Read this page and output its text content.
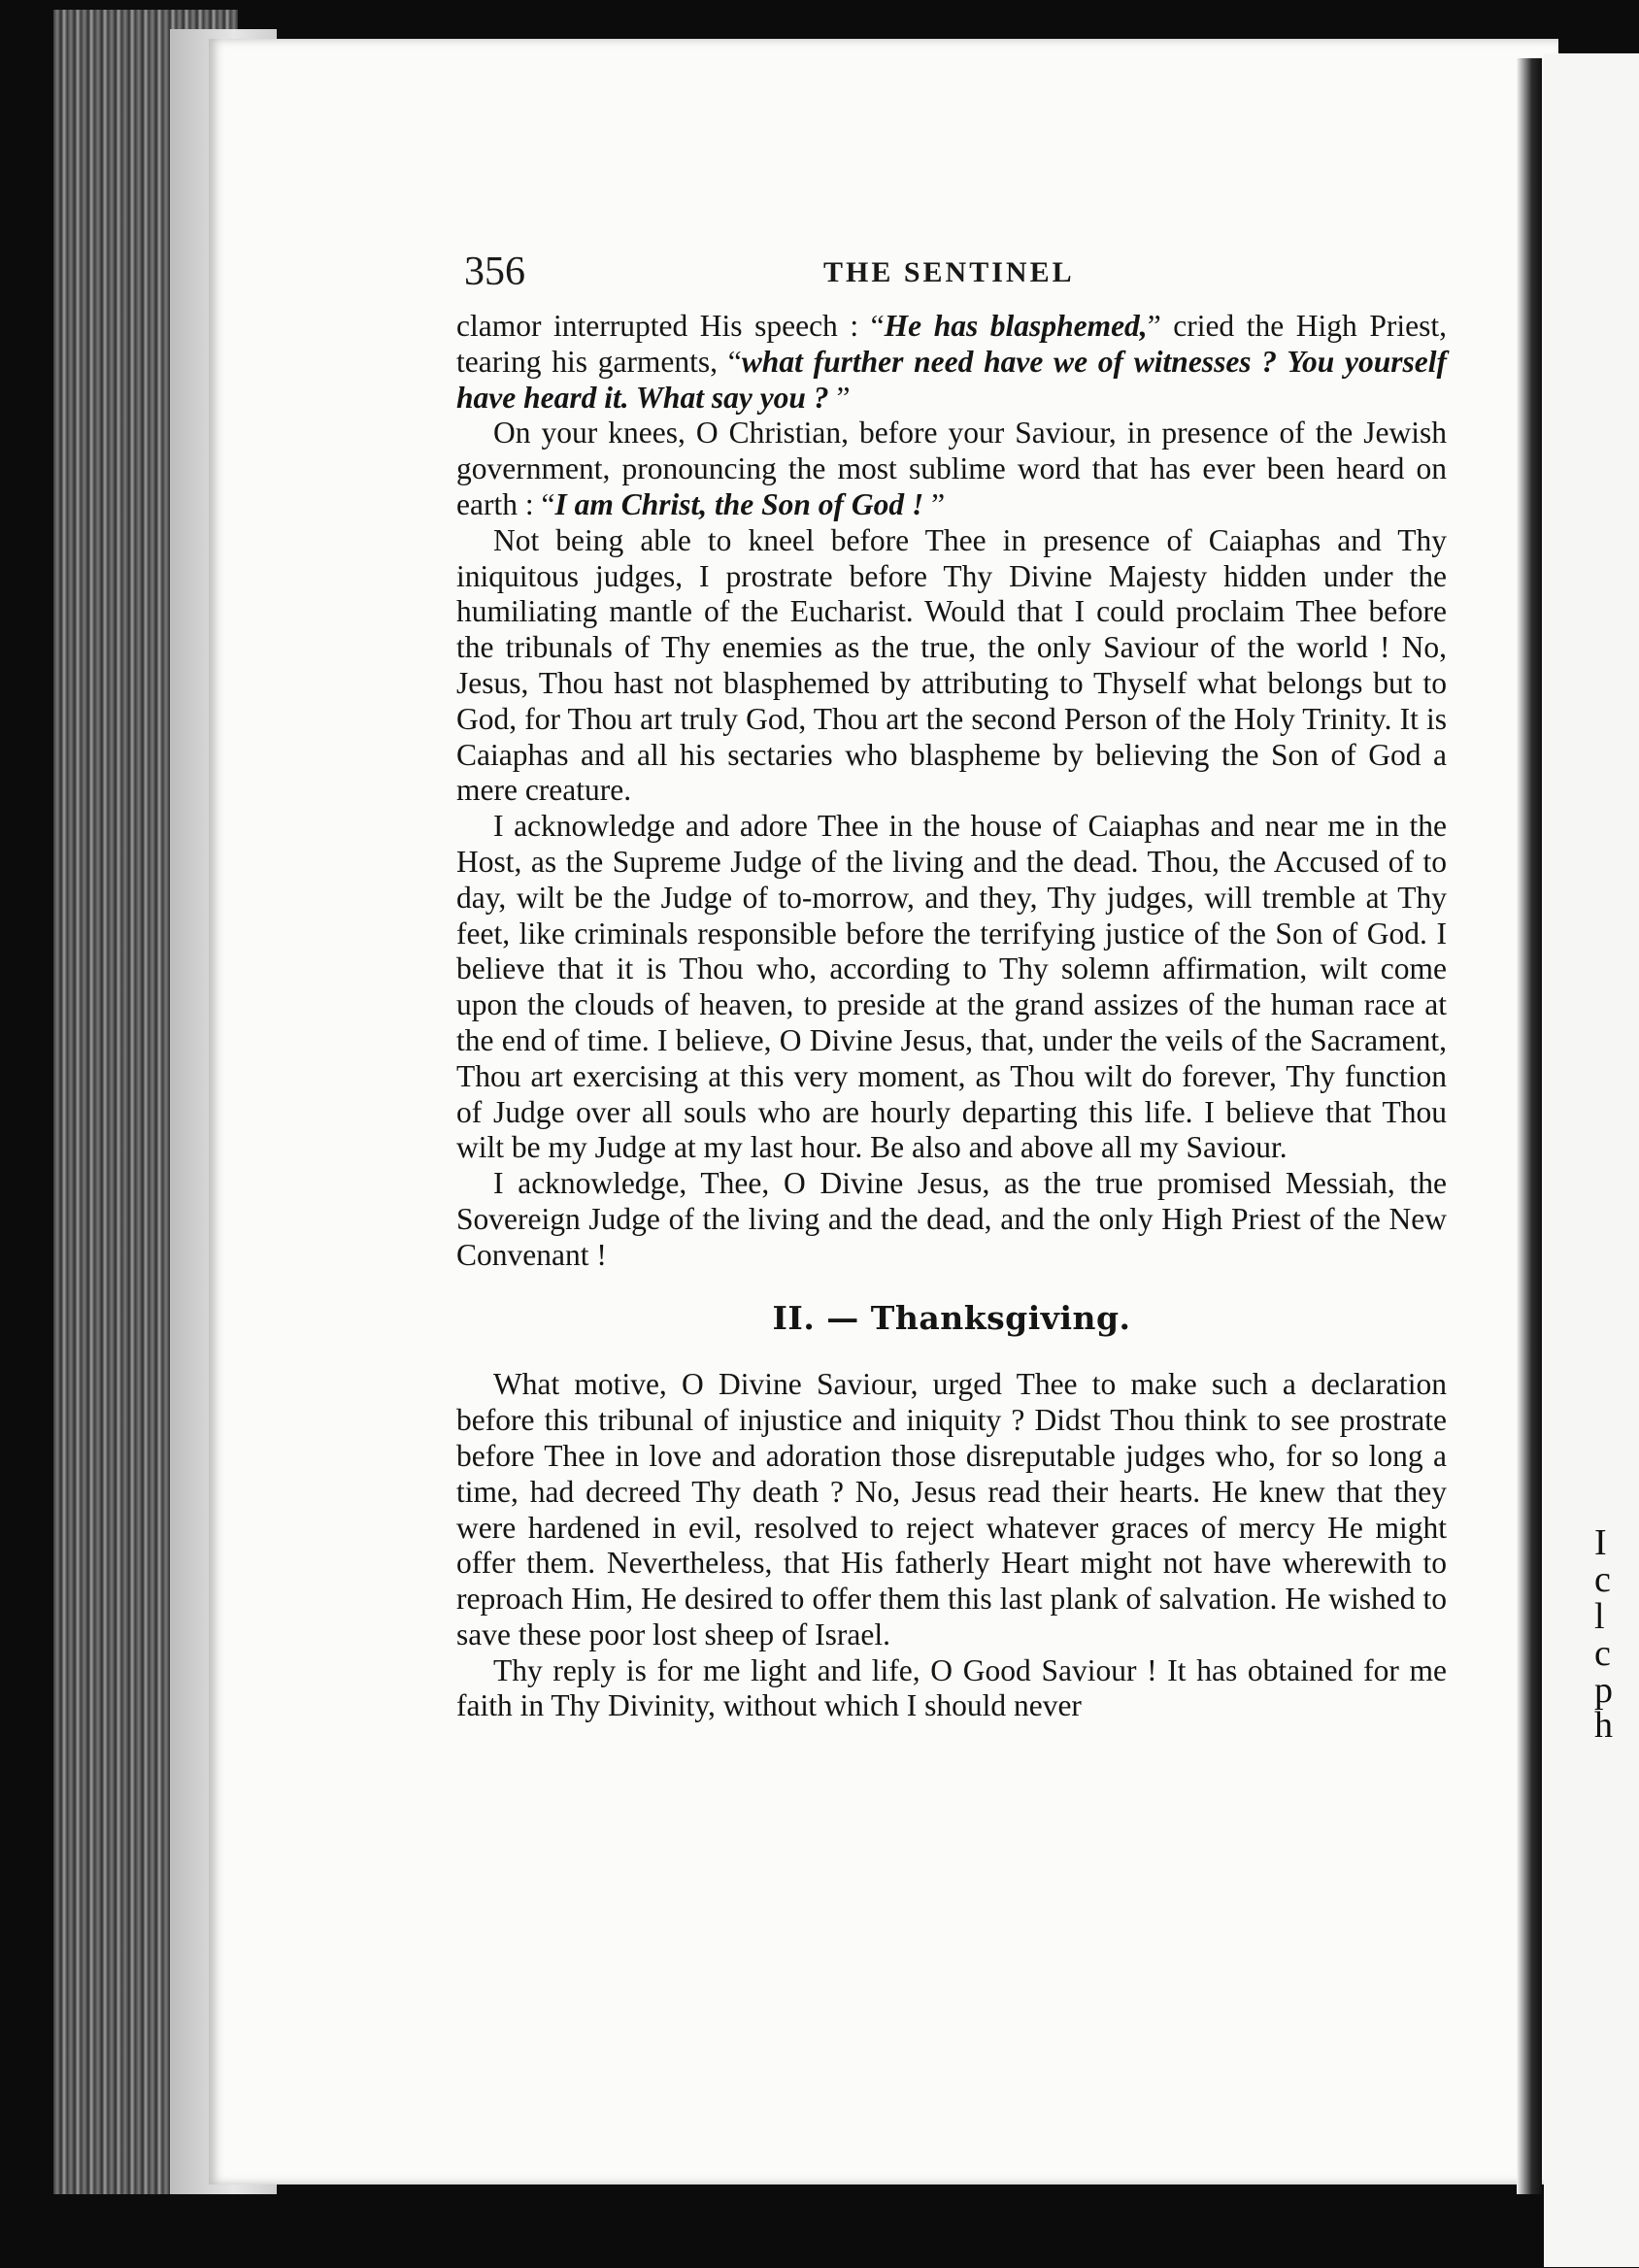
I
c
l
c
p
h
356	THE SENTINEL

clamor interrupted His speech : “He has blasphemed,” cried the High Priest, tearing his garments, “what further need have we of witnesses ? You yourself have heard it. What say you ? ”

On your knees, O Christian, before your Saviour, in presence of the Jewish government, pronouncing the most sublime word that has ever been heard on earth : “I am Christ, the Son of God ! ”

Not being able to kneel before Thee in presence of Caiaphas and Thy iniquitous judges, I prostrate before Thy Divine Majesty hidden under the humiliating mantle of the Eucharist. Would that I could proclaim Thee before the tribunals of Thy enemies as the true, the only Saviour of the world ! No, Jesus, Thou hast not blasphemed by attributing to Thyself what belongs but to God, for Thou art truly God, Thou art the second Person of the Holy Trinity. It is Caiaphas and all his sectaries who blaspheme by believing the Son of God a mere creature.

I acknowledge and adore Thee in the house of Caiaphas and near me in the Host, as the Supreme Judge of the living and the dead. Thou, the Accused of to day, wilt be the Judge of to-morrow, and they, Thy judges, will tremble at Thy feet, like criminals responsible before the terrifying justice of the Son of God. I believe that it is Thou who, according to Thy solemn affirmation, wilt come upon the clouds of heaven, to preside at the grand assizes of the human race at the end of time. I believe, O Divine Jesus, that, under the veils of the Sacrament, Thou art exercising at this very moment, as Thou wilt do forever, Thy function of Judge over all souls who are hourly departing this life. I believe that Thou wilt be my Judge at my last hour. Be also and above all my Saviour.

I acknowledge, Thee, O Divine Jesus, as the true promised Messiah, the Sovereign Judge of the living and the dead, and the only High Priest of the New Convenant !

II. — Thanksgiving.

What motive, O Divine Saviour, urged Thee to make such a declaration before this tribunal of injustice and iniquity ? Didst Thou think to see prostrate before Thee in love and adoration those disreputable judges who, for so long a time, had decreed Thy death ? No, Jesus read their hearts. He knew that they were hardened in evil, resolved to reject whatever graces of mercy He might offer them. Nevertheless, that His fatherly Heart might not have wherewith to reproach Him, He desired to offer them this last plank of salvation. He wished to save these poor lost sheep of Israel.

Thy reply is for me light and life, O Good Saviour ! It has obtained for me faith in Thy Divinity, without which I should never
